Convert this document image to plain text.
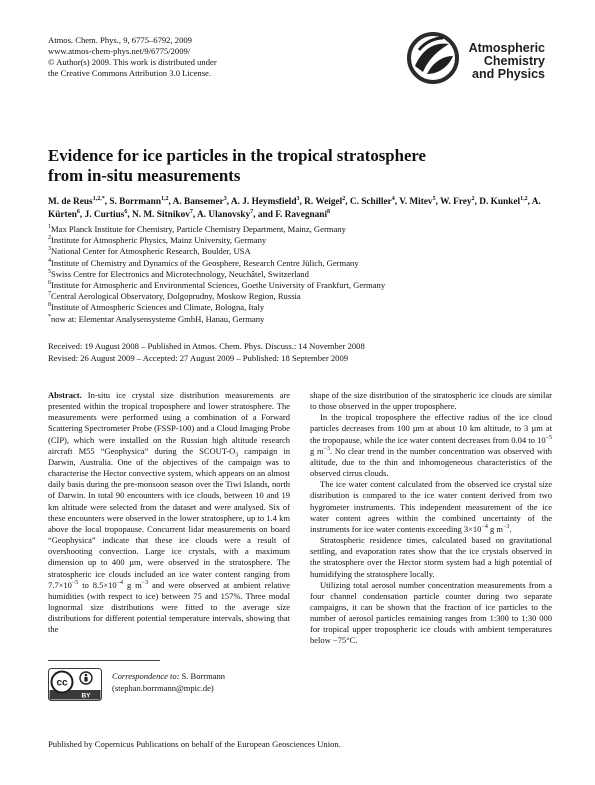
Atmos. Chem. Phys., 9, 6775–6792, 2009
www.atmos-chem-phys.net/9/6775/2009/
© Author(s) 2009. This work is distributed under
the Creative Commons Attribution 3.0 License.
Atmospheric
Chemistry
and Physics
Evidence for ice particles in the tropical stratosphere
from in-situ measurements
M. de Reus$^{1,2,*}$, S. Borrmann$^{1,2}$, A. Bansemer$^3$, A. J. Heymsfield$^3$, R. Weigel$^2$, C. Schiller$^4$, V. Mitev$^5$, W. Frey$^2$, D. Kunkel$^{1,2}$, A. Kürten$^6$, J. Curtius$^6$, N. M. Sitnikov$^7$, A. Ulanovsky$^7$, and F. Ravegnani$^8$
$^1$Max Planck Institute for Chemistry, Particle Chemistry Department, Mainz, Germany
$^2$Institute for Atmospheric Physics, Mainz University, Germany
$^3$National Center for Atmospheric Research, Boulder, USA
$^4$Institute of Chemistry and Dynamics of the Geosphere, Research Centre Jülich, Germany
$^5$Swiss Centre for Electronics and Microtechnology, Neuchâtel, Switzerland
$^6$Institute for Atmospheric and Environmental Sciences, Goethe University of Frankfurt, Germany
$^7$Central Aerological Observatory, Dolgoprudny, Moskow Region, Russia
$^8$Institute of Atmospheric Sciences and Climate, Bologna, Italy
*now at: Elementar Analysensysteme GmbH, Hanau, Germany
Received: 19 August 2008 – Published in Atmos. Chem. Phys. Discuss.: 14 November 2008
Revised: 26 August 2009 – Accepted: 27 August 2009 – Published: 18 September 2009

Abstract. In-situ ice crystal size distribution measurements are presented within the tropical troposphere and lower stratosphere. The measurements were performed using a combination of a Forward Scattering Spectrometer Probe (FSSP-100) and a Cloud Imaging Probe (CIP), which were installed on the Russian high altitude research aircraft M55 “Geophysica” during the SCOUT-$O_3$ campaign in Darwin, Australia. One of the objectives of the campaign was to characterise the Hector convective system, which appears on an almost daily basis during the pre-monsoon season over the Tiwi Islands, north of Darwin. In total 90 encounters with ice clouds, between 10 and 19 km altitude were selected from the dataset and were analysed. Six of these encounters were observed in the lower stratosphere, up to 1.4 km above the local tropopause. Concurrent lidar measurements on board “Geophysica” indicate that these ice clouds were a result of overshooting convection. Large ice crystals, with a maximum dimension up to 400 µm, were observed in the stratosphere. The stratospheric ice clouds included an ice water content ranging from $7.7\times 10^{-5}$ to $8.5\times 10^{-4}$ g $m^{-3}$ and were observed at ambient relative humidities (with respect to ice) between 75 and 157%. Three modal lognormal size distributions were fitted to the average size distributions for different potential temperature intervals, showing that the

shape of the size distribution of the stratospheric ice clouds are similar to those observed in the upper troposphere.

In the tropical troposphere the effective radius of the ice cloud particles decreases from 100 µm at about 10 km altitude, to 3 µm at the tropopause, while the ice water content decreases from 0.04 to $10^{-5}$ g $m^{-3}$. No clear trend in the number concentration was observed with altitude, due to the thin and inhomogeneous characteristics of the observed cirrus clouds.

The ice water content calculated from the observed ice crystal size distribution is compared to the ice water content derived from two hygrometer instruments. This independent measurement of the ice water content agrees within the combined uncertainty of the instruments for ice water contents exceeding $3\times 10^{-4}$ g $m^{-3}$.

Stratospheric residence times, calculated based on gravitational settling, and evaporation rates show that the ice crystals observed in the stratosphere over the Hector storm system had a high potential of humidifying the stratosphere locally.

Utilizing total aerosol number concentration measurements from a four channel condensation particle counter during two separate campaigns, it can be shown that the fraction of ice particles to the number of aerosol particles remaining ranges from 1:300 to 1:30 000 for tropical upper tropospheric ice clouds with ambient temperatures below −75°C.

cc
BY
Correspondence to: S. Borrmann
(stephan.borrmann@mpic.de)
Published by Copernicus Publications on behalf of the European Geosciences Union.
